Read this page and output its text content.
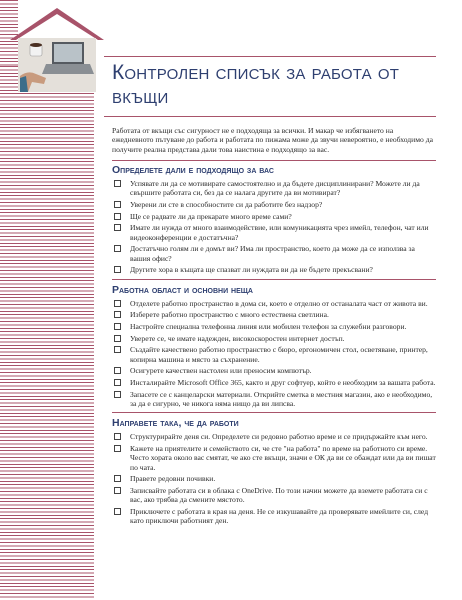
Контролен списък за работа от вкъщи

Работата от вкъщи със сигурност не е подходяща за всички. И макар че избягването на ежедневното пътуване до работа и работата по пижама може да звучи невероятно, е необходимо да получите реална представа дали това наистина е подходящо за вас.

Определете дали е подходящо за вас
Успявате ли да се мотивирате самостоятелно и да бъдете дисциплинирани? Можете ли да свършите работата си, без да се налага другите да ви мотивират?
Уверени ли сте в способностите си да работите без надзор?
Ще се радвате ли да прекарате много време сами?
Имате ли нужда от много взаимодействие, или комуникацията чрез имейл, телефон, чат или видеоконференции е достатъчна?
Достатъчно голям ли е домът ви? Има ли пространство, което да може да се използва за вашия офис?
Другите хора в къщата ще спазват ли нуждата ви да не бъдете прекъсвани?
Работна област и основни неща
Отделете работно пространство в дома си, което е отделно от останалата част от живота ви.
Изберете работно пространство с много естествена светлина.
Настройте специална телефонна линия или мобилен телефон за служебни разговори.
Уверете се, че имате надежден, високоскоростен интернет достъп.
Създайте качествено работно пространство с бюро, ергономичен стол, осветяване, принтер, копирна машина и място за съхранение.
Осигурете качествен настолен или преносим компютър.
Инсталирайте Microsoft Office 365, както и друг софтуер, който е необходим за вашата работа.
Запасете се с канцеларски материали. Открийте сметка в местния магазин, ако е необходимо, за да е сигурно, че никога няма нищо да ви липсва.
Направете така, че да работи
Структурирайте деня си. Определете си редовно работно време и се придържайте към него.
Кажете на приятелите и семейството си, че сте "на работа" по време на работното си време. Често хората около вас смятат, че ако сте вкъщи, значи е ОК да ви се обаждат или да ви пишат по чата.
Правете редовни почивки.
Записвайте работата си в облака с OneDrive. По този начин можете да вземете работата си с вас, ако трябва да смените мястото.
Приключете с работата в края на деня. Не се изкушавайте да проверявате имейлите си, след като приключи работният ден.
